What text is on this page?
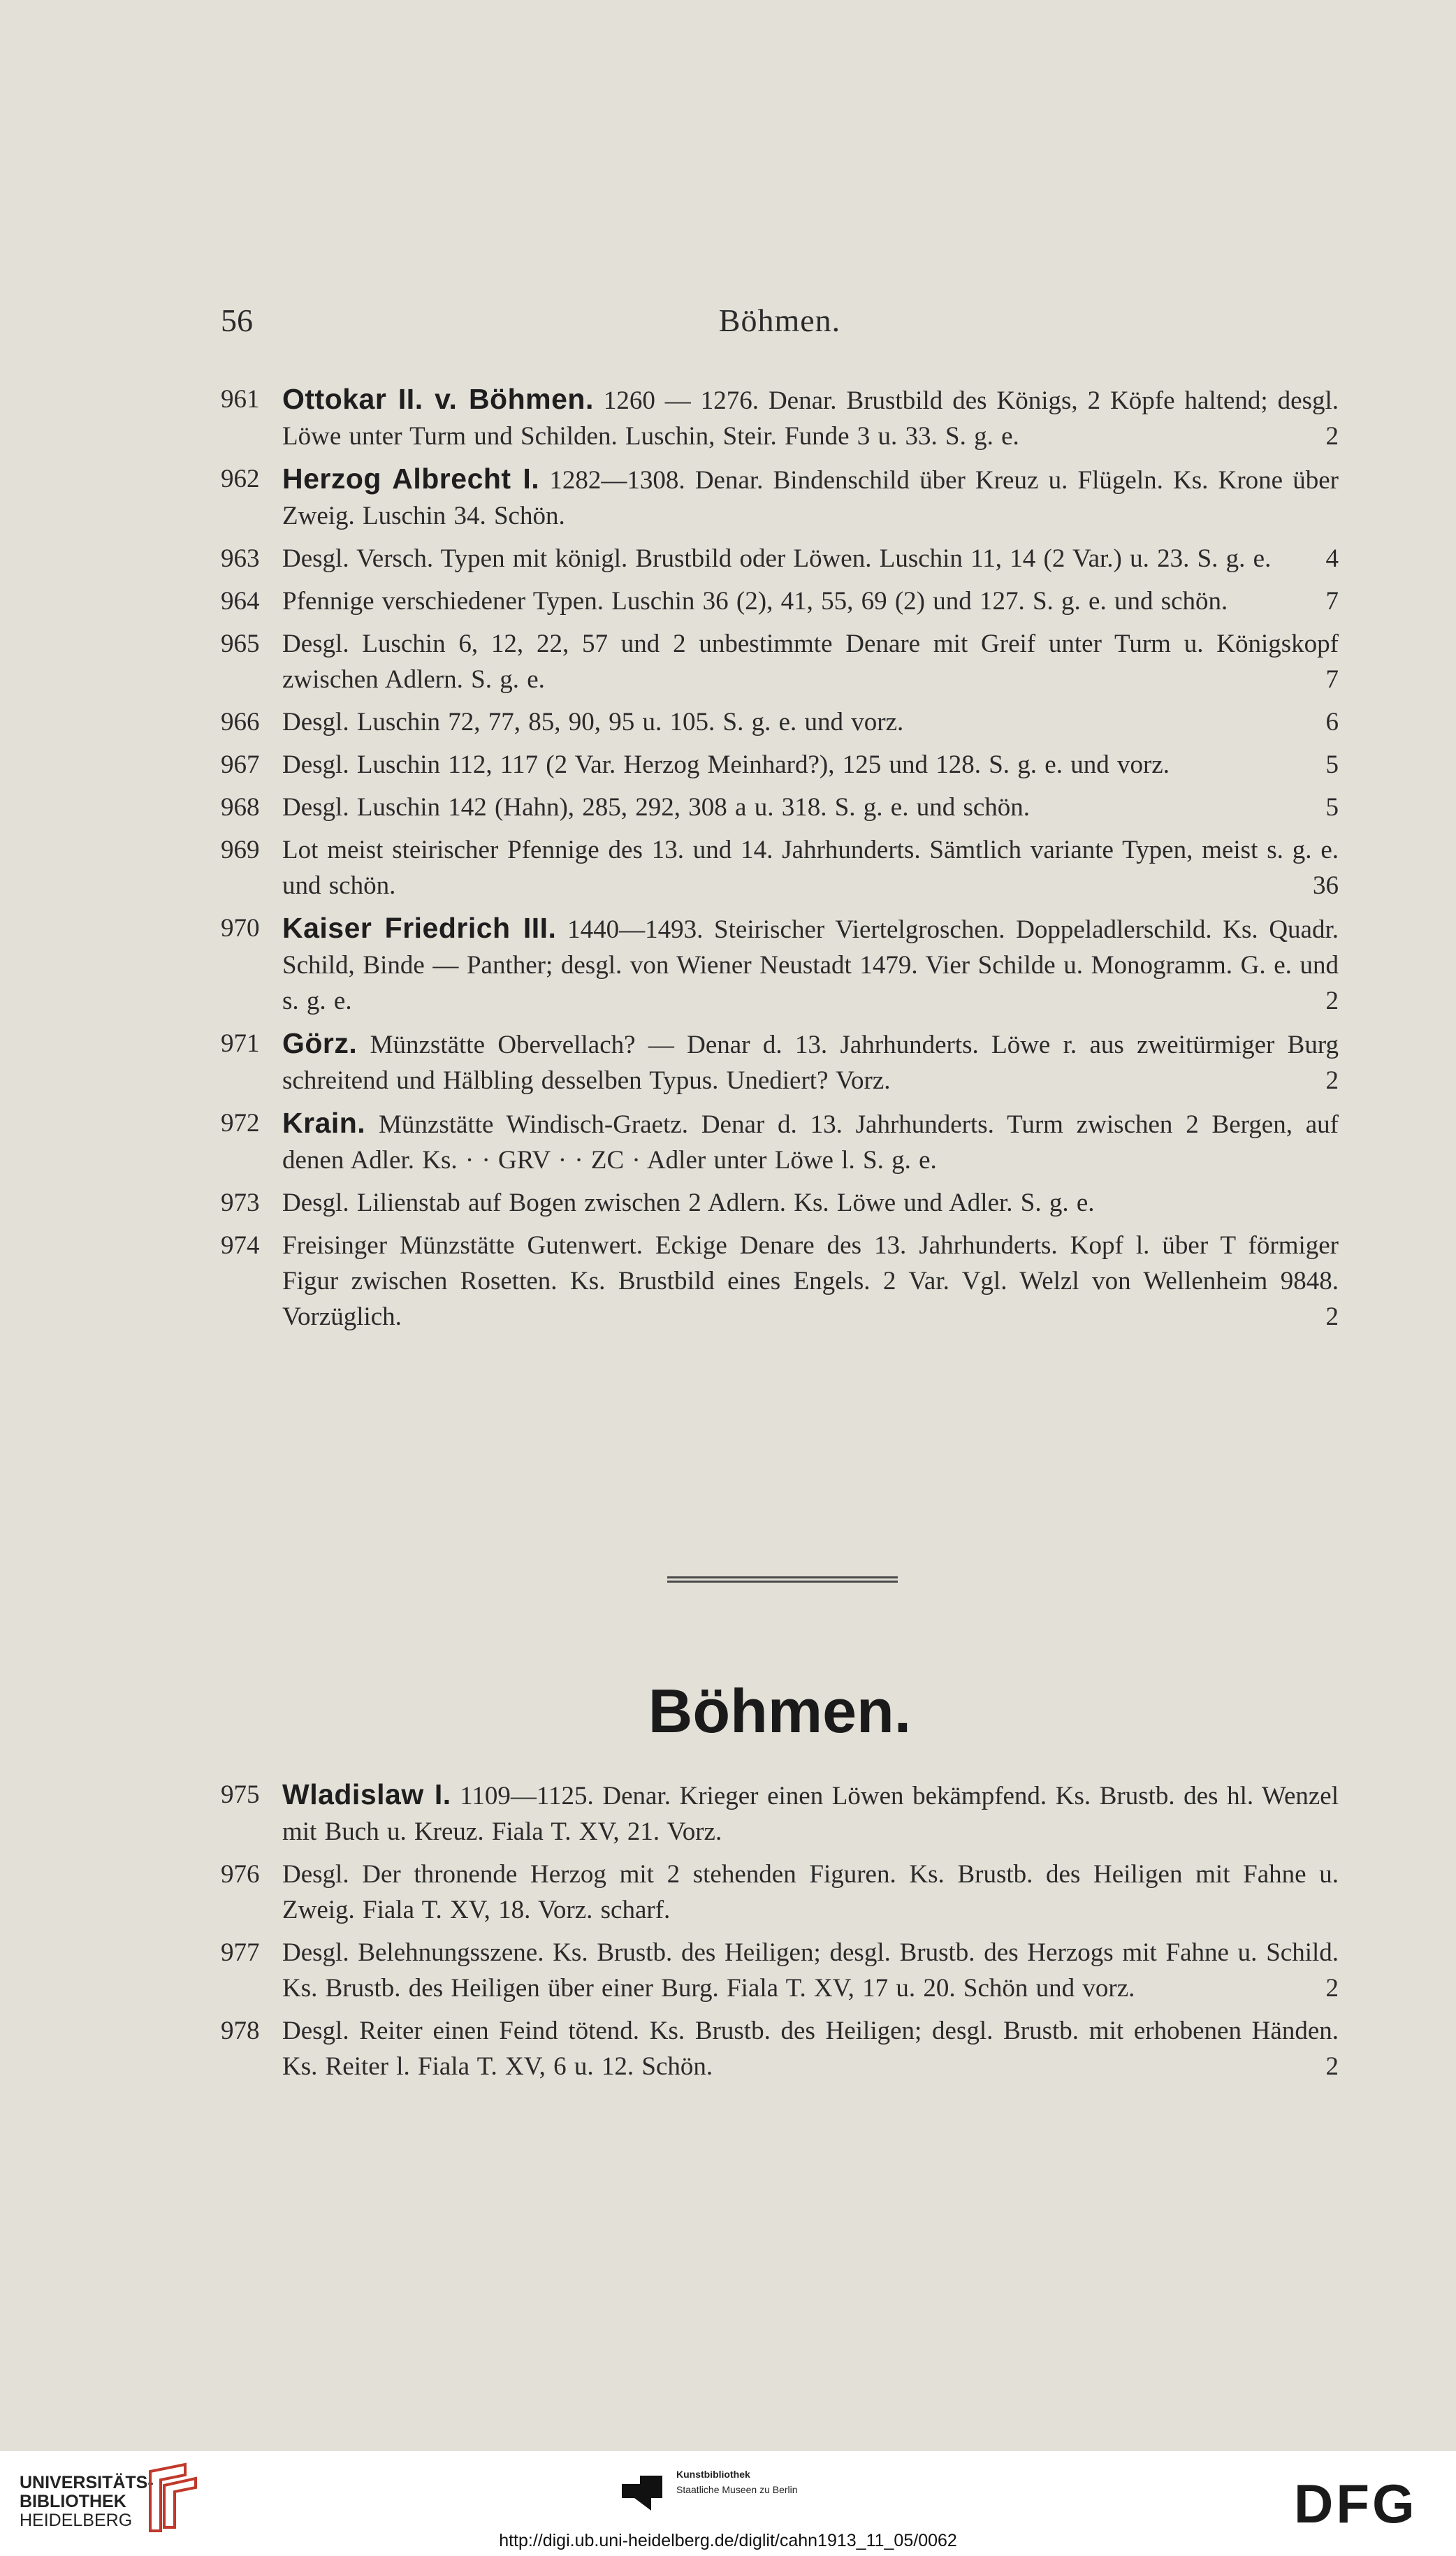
56	Böhmen.
961 Ottokar II. v. Böhmen. 1260 — 1276. Denar. Brustbild des Königs, 2 Köpfe haltend; desgl. Löwe unter Turm und Schilden. Luschin, Steir. Funde 3 u. 33. S. g. e.	2
962 Herzog Albrecht I. 1282—1308. Denar. Bindenschild über Kreuz u. Flügeln. Ks. Krone über Zweig. Luschin 34. Schön.
963 Desgl. Versch. Typen mit königl. Brustbild oder Löwen. Luschin 11, 14 (2 Var.) u. 23. S. g. e. 4
964 Pfennige verschiedener Typen. Luschin 36 (2), 41, 55, 69 (2) und 127. S. g. e. und schön.	7
965 Desgl. Luschin 6, 12, 22, 57 und 2 unbestimmte Denare mit Greif unter Turm u. Königskopf zwischen Adlern. S. g. e.	7
966 Desgl. Luschin 72, 77, 85, 90, 95 u. 105. S. g. e. und vorz.	6
967 Desgl. Luschin 112, 117 (2 Var. Herzog Meinhard?), 125 und 128. S. g. e. und vorz.	5
968 Desgl. Luschin 142 (Hahn), 285, 292, 308 a u. 318. S. g. e. und schön.	5
969 Lot meist steirischer Pfennige des 13. und 14. Jahrhunderts. Sämtlich variante Typen, meist s. g. e. und schön.	36
970 Kaiser Friedrich III. 1440—1493. Steirischer Viertelgroschen. Doppeladlerschild. Ks. Quadr. Schild, Binde — Panther; desgl. von Wiener Neustadt 1479. Vier Schilde u. Monogramm. G. e. und s. g. e.	2
971 Görz. Münzstätte Obervellach? — Denar d. 13. Jahrhunderts. Löwe r. aus zweitürmiger Burg schreitend und Hälbling desselben Typus. Unediert? Vorz.	2
972 Krain. Münzstätte Windisch-Graetz. Denar d. 13. Jahrhunderts. Turm zwischen 2 Bergen, auf denen Adler. Ks. · · GRV · · ZC · Adler unter Löwe l. S. g. e.
973 Desgl. Lilienstab auf Bogen zwischen 2 Adlern. Ks. Löwe und Adler. S. g. e.
974 Freisinger Münzstätte Gutenwert. Eckige Denare des 13. Jahrhunderts. Kopf l. über T förmiger Figur zwischen Rosetten. Ks. Brustbild eines Engels. 2 Var. Vgl. Welzl von Wellenheim 9848. Vorzüglich.	2
Böhmen.
975 Wladislaw I. 1109—1125. Denar. Krieger einen Löwen bekämpfend. Ks. Brustb. des hl. Wenzel mit Buch u. Kreuz. Fiala T. XV, 21. Vorz.
976 Desgl. Der thronende Herzog mit 2 stehenden Figuren. Ks. Brustb. des Heiligen mit Fahne u. Zweig. Fiala T. XV, 18. Vorz. scharf.
977 Desgl. Belehnungsszene. Ks. Brustb. des Heiligen; desgl. Brustb. des Herzogs mit Fahne u. Schild. Ks. Brustb. des Heiligen über einer Burg. Fiala T. XV, 17 u. 20. Schön und vorz.	2
978 Desgl. Reiter einen Feind tötend. Ks. Brustb. des Heiligen; desgl. Brustb. mit erhobenen Händen. Ks. Reiter l. Fiala T. XV, 6 u. 12. Schön.	2
UNIVERSITÄTS-
BIBLIOTHEK
HEIDELBERG
Kunstbibliothek
Staatliche Museen zu Berlin	DFG
http://digi.ub.uni-heidelberg.de/diglit/cahn1913_11_05/0062
